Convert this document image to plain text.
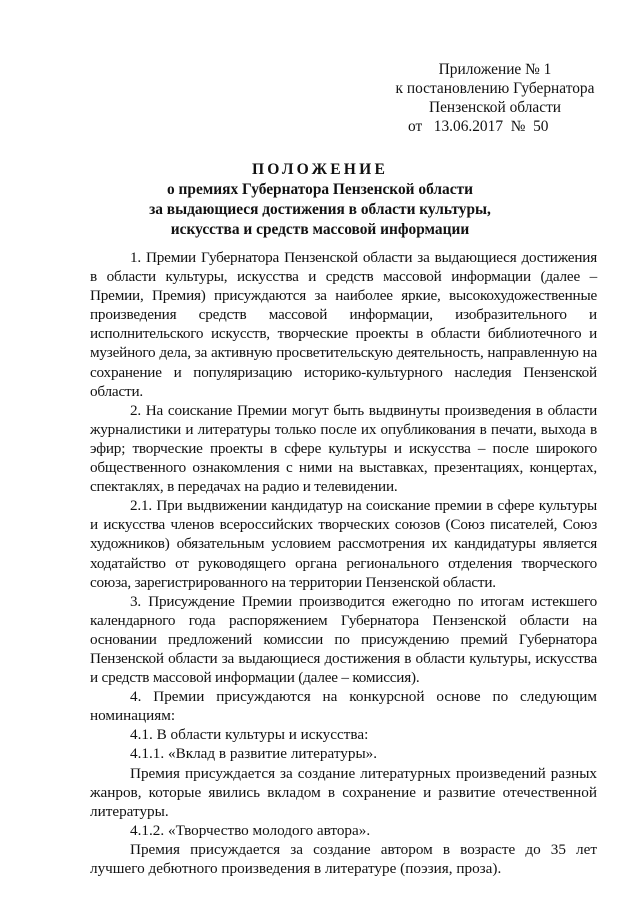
Приложение № 1
к постановлению Губернатора
Пензенской области
от   13.06.2017  №  50
ПОЛОЖЕНИЕ
о премиях Губернатора Пензенской области
за выдающиеся достижения в области культуры,
искусства и средств массовой информации

1. Премии Губернатора Пензенской области за выдающиеся достижения в области культуры, искусства и средств массовой информации (далее – Премии, Премия) присуждаются за наиболее яркие, высокохудожественные произведения средств массовой информации, изобразительного и исполнительского искусств, творческие проекты в области библиотечного и музейного дела, за активную просветительскую деятельность, направленную на сохранение и популяризацию историко-культурного наследия Пензенской области.

2. На соискание Премии могут быть выдвинуты произведения в области журналистики и литературы только после их опубликования в печати, выхода в эфир; творческие проекты в сфере культуры и искусства – после широкого общественного ознакомления с ними на выставках, презентациях, концертах, спектаклях, в передачах на радио и телевидении.

2.1. При выдвижении кандидатур на соискание премии в сфере культуры и искусства членов всероссийских творческих союзов (Союз писателей, Союз художников) обязательным условием рассмотрения их кандидатуры является ходатайство от руководящего органа регионального отделения творческого союза, зарегистрированного на территории Пензенской области.

3. Присуждение Премии производится ежегодно по итогам истекшего календарного года распоряжением Губернатора Пензенской области на основании предложений комиссии по присуждению премий Губернатора Пензенской области за выдающиеся достижения в области культуры, искусства и средств массовой информации (далее – комиссия).

4. Премии присуждаются на конкурсной основе по следующим номинациям:

4.1. В области культуры и искусства:

4.1.1. «Вклад в развитие литературы».

Премия присуждается за создание литературных произведений разных жанров, которые явились вкладом в сохранение и развитие отечественной литературы.

4.1.2. «Творчество молодого автора».

Премия присуждается за создание автором в возрасте до 35 лет лучшего дебютного произведения в литературе (поэзия, проза).
